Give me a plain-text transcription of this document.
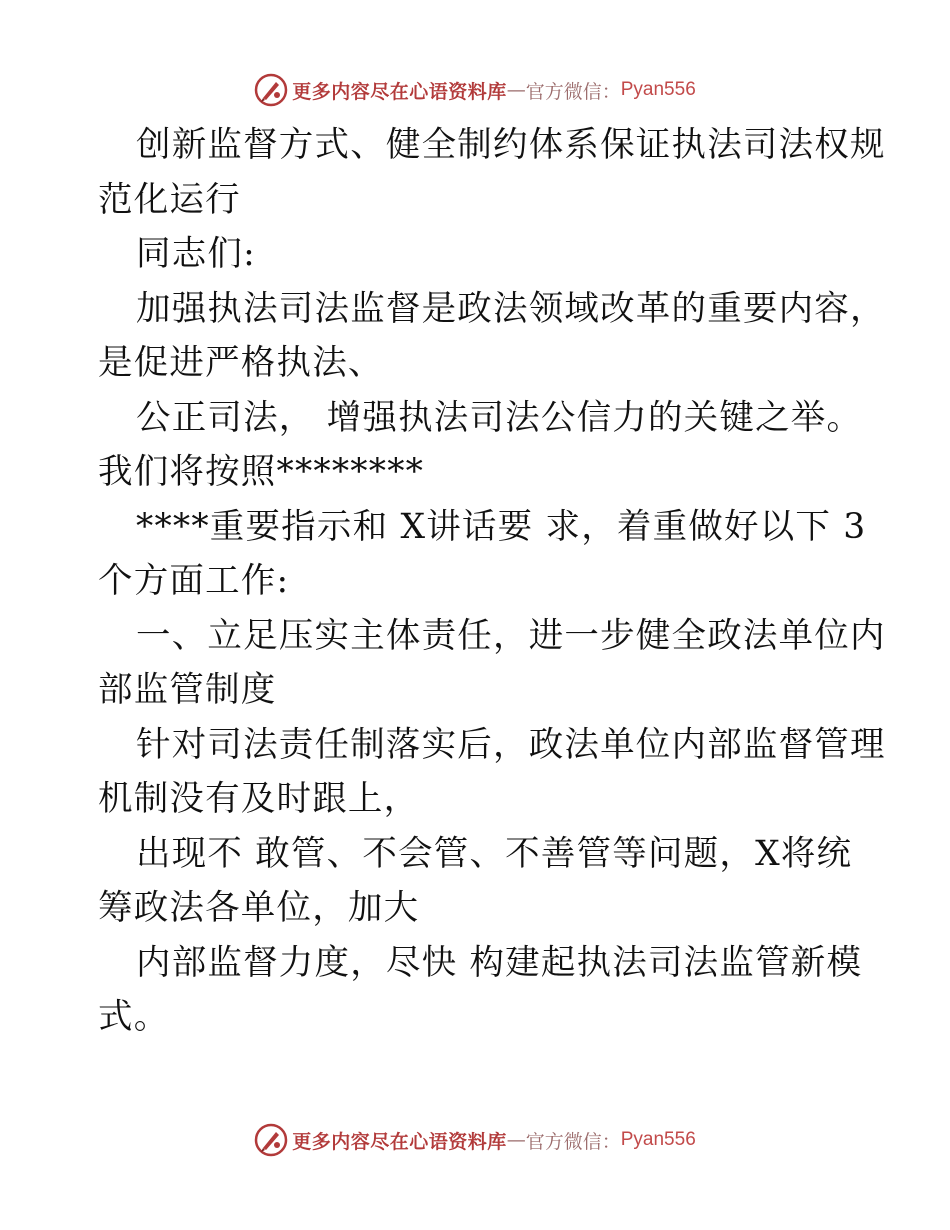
更多内容尽在心语资料库 — 官方微信： Pyan556
创新监督方式、健全制约体系保证执法司法权规
范化运行
同志们:
加强执法司法监督是政法领域改革的重要内容，
是促进严格执法、
公正司法， 增强执法司法公信力的关键之举。
我们将按照********
****重要指示和 X讲话要 求，着重做好以下 3
个方面工作:
一、立足压实主体责任，进一步健全政法单位内
部监管制度
针对司法责任制落实后，政法单位内部监督管理
机制没有及时跟上，
出现不 敢管、不会管、不善管等问题，X将统
筹政法各单位，加大
内部监督力度，尽快 构建起执法司法监管新模
式。
更多内容尽在心语资料库 — 官方微信： Pyan556
